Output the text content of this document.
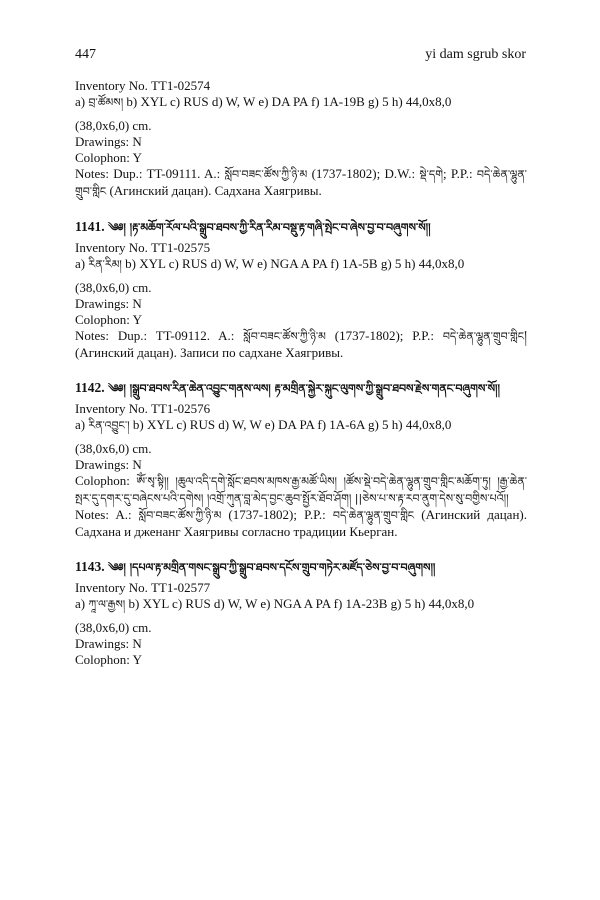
447	yi dam sgrub skor
Inventory No. TT1-02574
a) བྲ་ཚོམས། b) XYL c) RUS d) W, W e) DA PA f) 1A-19B g) 5 h) 44,0x8,0
(38,0x6,0) cm.
Drawings: N
Colophon: Y
Notes: Dup.: TT-09111. A.: སློབ་བཟང་ཚོས་ཀྱི་ཉི་མ (1737-1802); D.W.: སྡེ་དགེ; P.P.: བདེ་ཆེན་ལྷུན་གྲུབ་གླིང (Агинский дацан). Садхана Хаягривы.
1141. ༄༅། །རྟ་མཆོག་རོལ་པའི་སྒྲུབ་ཐབས་ཀྱི་རིན་རིམ་བསྡུ་རྟ་གཞི་སྤེང་བ་ཞེས་བྱ་བ་བཞུགས་སོ།།
Inventory No. TT1-02575
a) རིན་རིམ། b) XYL c) RUS d) W, W e) NGA A PA f) 1A-5B g) 5 h) 44,0x8,0
(38,0x6,0) cm.
Drawings: N
Colophon: Y
Notes: Dup.: TT-09112. A.: སློབ་བཟང་ཚོས་ཀྱི་ཉི་མ (1737-1802); P.P.: བདེ་ཆེན་ལྷུན་གྲུབ་གླིང། (Агинский дацан). Записи по садхане Хаягривы.
1142. ༄༅། །སྒྲུབ་ཐབས་རིན་ཆེན་འབྱུང་གནས་ལས། རྟ་མགྲིན་སྐྱེར་སྐུང་ལུགས་ཀྱི་སྒྲུབ་ཐབས་རྗེས་གནང་བཞུགས་སོ།།
Inventory No. TT1-02576
a) རིན་འབྱུང་། b) XYL c) RUS d) W, W e) DA PA f) 1A-6A g) 5 h) 44,0x8,0
(38,0x6,0) cm.
Drawings: N
Colophon: ཨོཾ་སྭ་སྟི།། །ཆུལ་འདི་དགེ་སློང་ཐབས་མཁས་རྒྱ་མཚོ་ཡིས། །ཚོས་སྡེ་བདེ་ཆེན་ལྷུན་གྲུབ་གླིང་མཆོག་ཏུ། །རྒྱ་ཆེན་སྤར་དུ་དགར་དུ་བཞེངས་པའི་དགེས། །འགྲོ་ཀུན་བླ་མེད་བྱང་ཆུབ་སྤྱོར་ཐོབ་ཤོག། ||ཅེས་པ་ས་རྟ་རབ་ནུག་དེས་སུ་བགྱིས་པའོ།།
Notes: A.: སློབ་བཟང་ཚོས་ཀྱི་ཉི་མ (1737-1802); P.P.: བདེ་ཆེན་ལྷུན་གྲུབ་གླིང (Агинский дацан). Садхана и дженанг Хаягривы согласно традиции Кьерган.
1143. ༄༅། །དཔལ་རྟ་མགྲིན་གསང་སྒྲུབ་ཀྱི་སྒྲུབ་ཐབས་དངོས་གྲུབ་གཏེར་མཛོད་ཅེས་བྱ་བ་བཞུགས།།
Inventory No. TT1-02577
a) ཀཱ་ལ་རྒྱས། b) XYL c) RUS d) W, W e) NGA A PA f) 1A-23B g) 5 h) 44,0x8,0
(38,0x6,0) cm.
Drawings: N
Colophon: Y
